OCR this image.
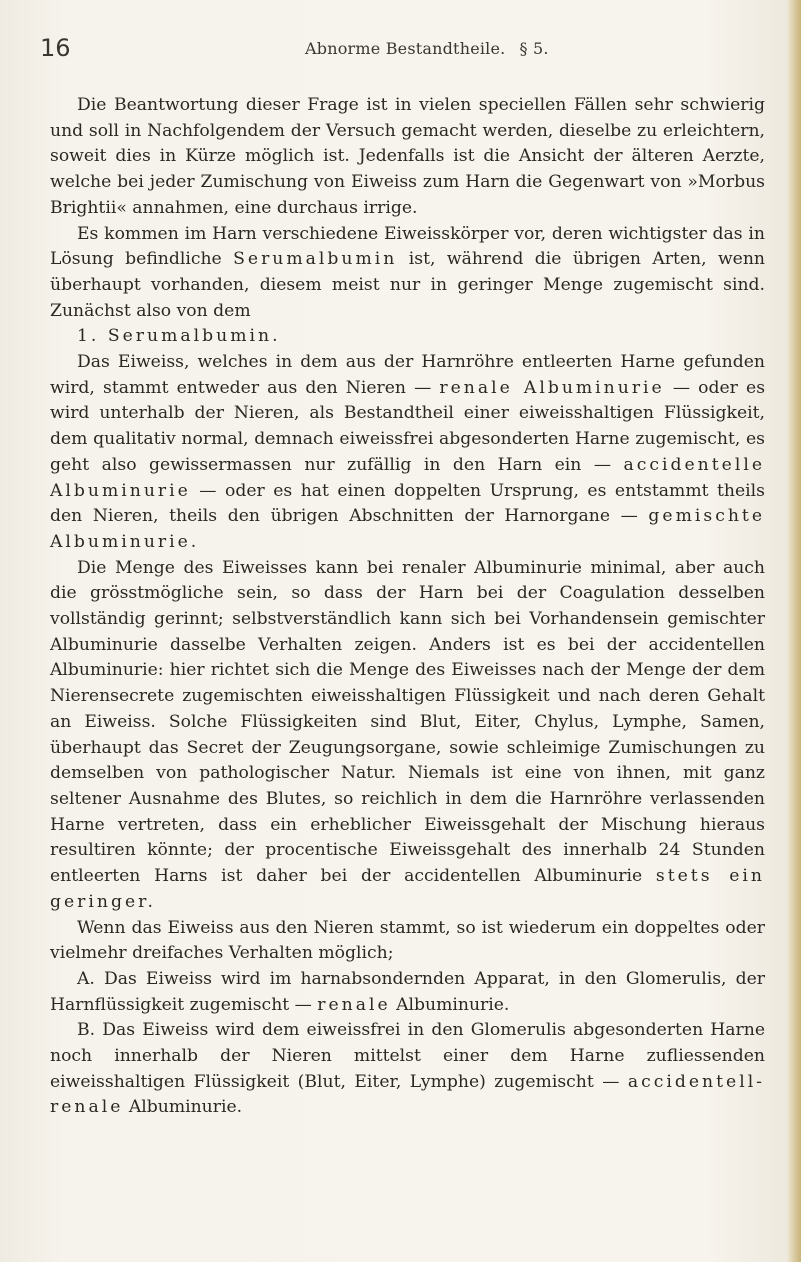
16	Abnorme Bestandtheile. § 5.

Die Beantwortung dieser Frage ist in vielen speciellen Fällen sehr schwierig und soll in Nachfolgendem der Versuch gemacht werden, dieselbe zu erleichtern, soweit dies in Kürze möglich ist. Jedenfalls ist die Ansicht der älteren Aerzte, welche bei jeder Zumischung von Eiweiss zum Harn die Gegenwart von »Morbus Brightii« annahmen, eine durchaus irrige.

Es kommen im Harn verschiedene Eiweisskörper vor, deren wichtigster das in Lösung befindliche Serumalbumin ist, während die übrigen Arten, wenn überhaupt vorhanden, diesem meist nur in geringer Menge zugemischt sind. Zunächst also von dem

1. Serumalbumin.

Das Eiweiss, welches in dem aus der Harnröhre entleerten Harne gefunden wird, stammt entweder aus den Nieren — renale Albuminurie — oder es wird unterhalb der Nieren, als Bestandtheil einer eiweisshaltigen Flüssigkeit, dem qualitativ normal, demnach eiweissfrei abgesonderten Harne zugemischt, es geht also gewissermassen nur zufällig in den Harn ein — accidentelle Albuminurie — oder es hat einen doppelten Ursprung, es entstammt theils den Nieren, theils den übrigen Abschnitten der Harnorgane — gemischte Albuminurie.

Die Menge des Eiweisses kann bei renaler Albuminurie minimal, aber auch die grösstmögliche sein, so dass der Harn bei der Coagulation desselben vollständig gerinnt; selbstverständlich kann sich bei Vorhandensein gemischter Albuminurie dasselbe Verhalten zeigen. Anders ist es bei der accidentellen Albuminurie: hier richtet sich die Menge des Eiweisses nach der Menge der dem Nierensecrete zugemischten eiweisshaltigen Flüssigkeit und nach deren Gehalt an Eiweiss. Solche Flüssigkeiten sind Blut, Eiter, Chylus, Lymphe, Samen, überhaupt das Secret der Zeugungsorgane, sowie schleimige Zumischungen zu demselben von pathologischer Natur. Niemals ist eine von ihnen, mit ganz seltener Ausnahme des Blutes, so reichlich in dem die Harnröhre verlassenden Harne vertreten, dass ein erheblicher Eiweissgehalt der Mischung hieraus resultiren könnte; der procentische Eiweissgehalt des innerhalb 24 Stunden entleerten Harns ist daher bei der accidentellen Albuminurie stets ein geringer.

Wenn das Eiweiss aus den Nieren stammt, so ist wiederum ein doppeltes oder vielmehr dreifaches Verhalten möglich;

A. Das Eiweiss wird im harnabsondernden Apparat, in den Glomerulis, der Harnflüssigkeit zugemischt — renale Albuminurie.

B. Das Eiweiss wird dem eiweissfrei in den Glomerulis abgesonderten Harne noch innerhalb der Nieren mittelst einer dem Harne zufliessenden eiweisshaltigen Flüssigkeit (Blut, Eiter, Lymphe) zugemischt — accidentell-renale Albuminurie.
